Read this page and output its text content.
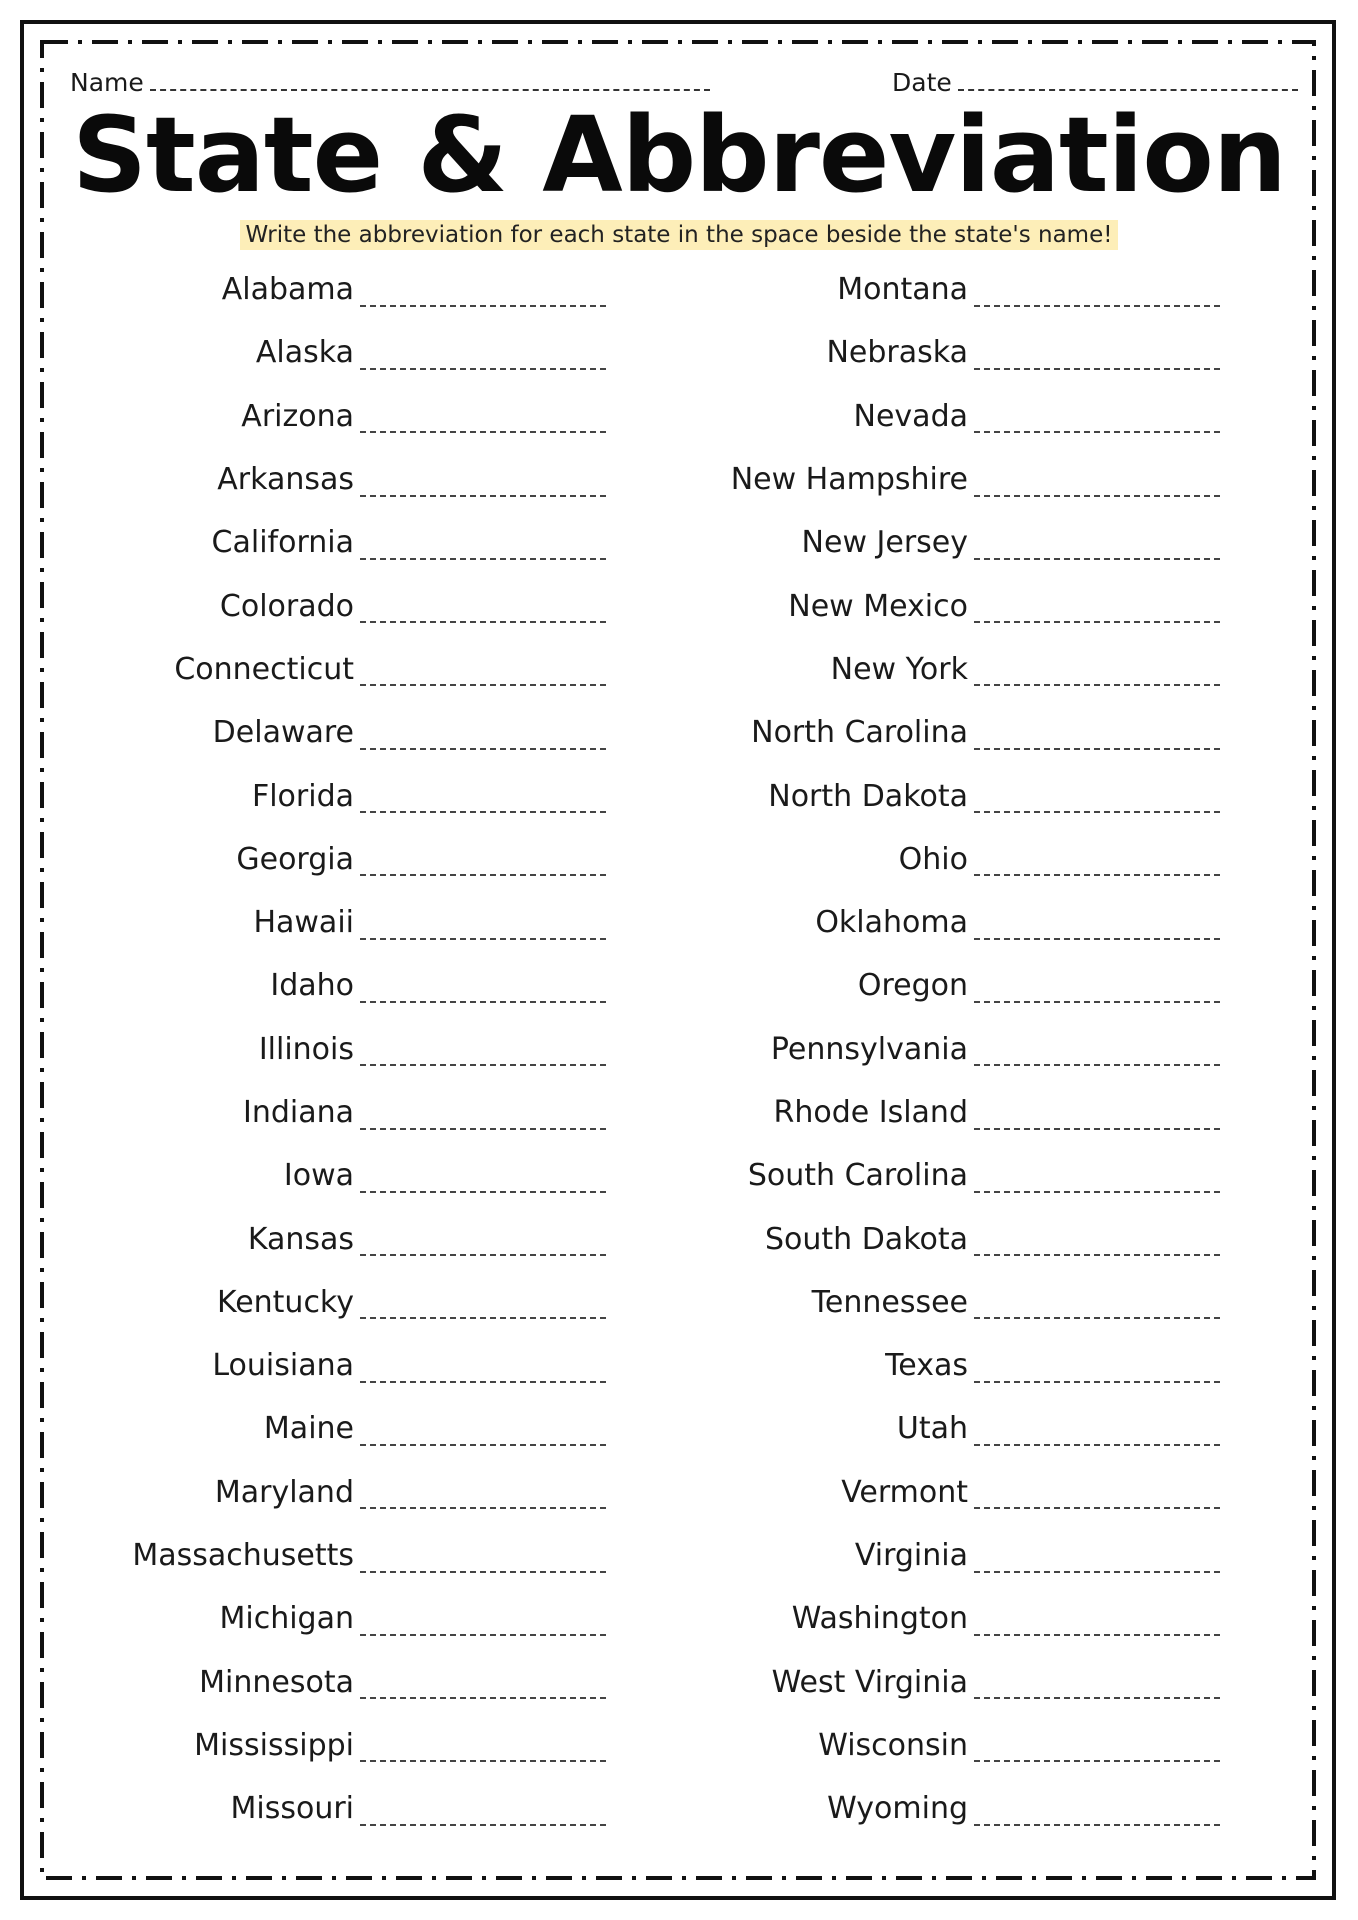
Name	Date
State & Abbreviation
Write the abbreviation for each state in the space beside the state's name!
Alabama
Alaska
Arizona
Arkansas
California
Colorado
Connecticut
Delaware
Florida
Georgia
Hawaii
Idaho
Illinois
Indiana
Iowa
Kansas
Kentucky
Louisiana
Maine
Maryland
Massachusetts
Michigan
Minnesota
Mississippi
Missouri
Montana
Nebraska
Nevada
New Hampshire
New Jersey
New Mexico
New York
North Carolina
North Dakota
Ohio
Oklahoma
Oregon
Pennsylvania
Rhode Island
South Carolina
South Dakota
Tennessee
Texas
Utah
Vermont
Virginia
Washington
West Virginia
Wisconsin
Wyoming
